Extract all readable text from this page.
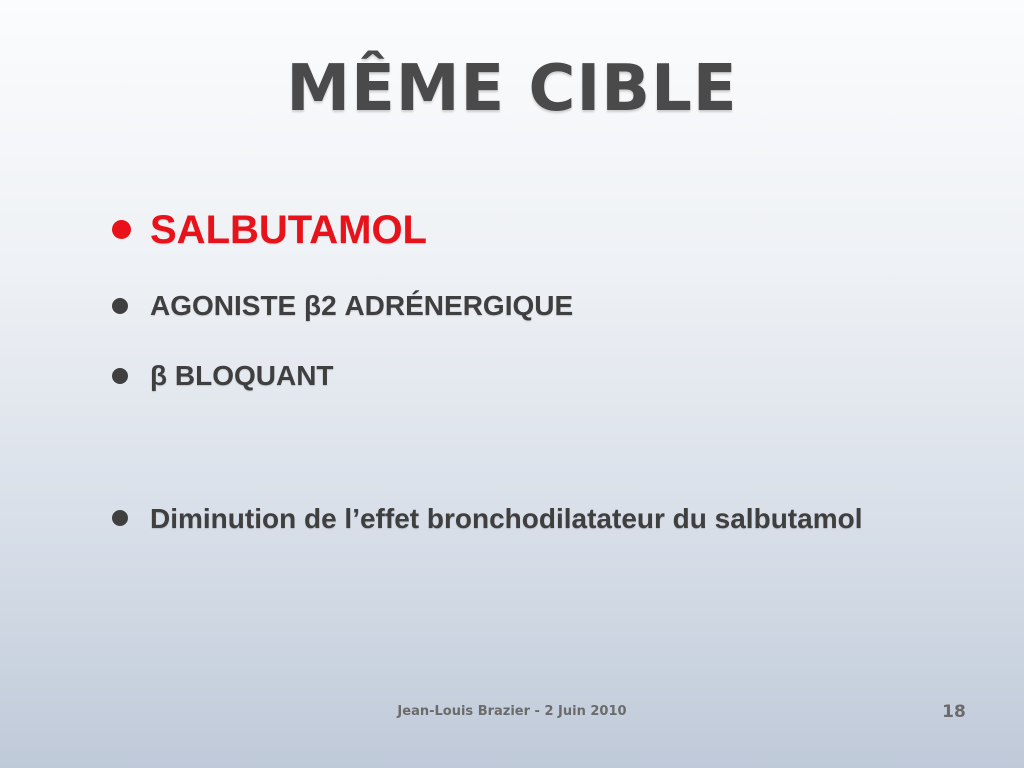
MÊME CIBLE
SALBUTAMOL
AGONISTE β2 ADRÉNERGIQUE
β BLOQUANT
Diminution de l’effet bronchodilatateur du salbutamol
Jean-Louis Brazier - 2 Juin 2010	18
